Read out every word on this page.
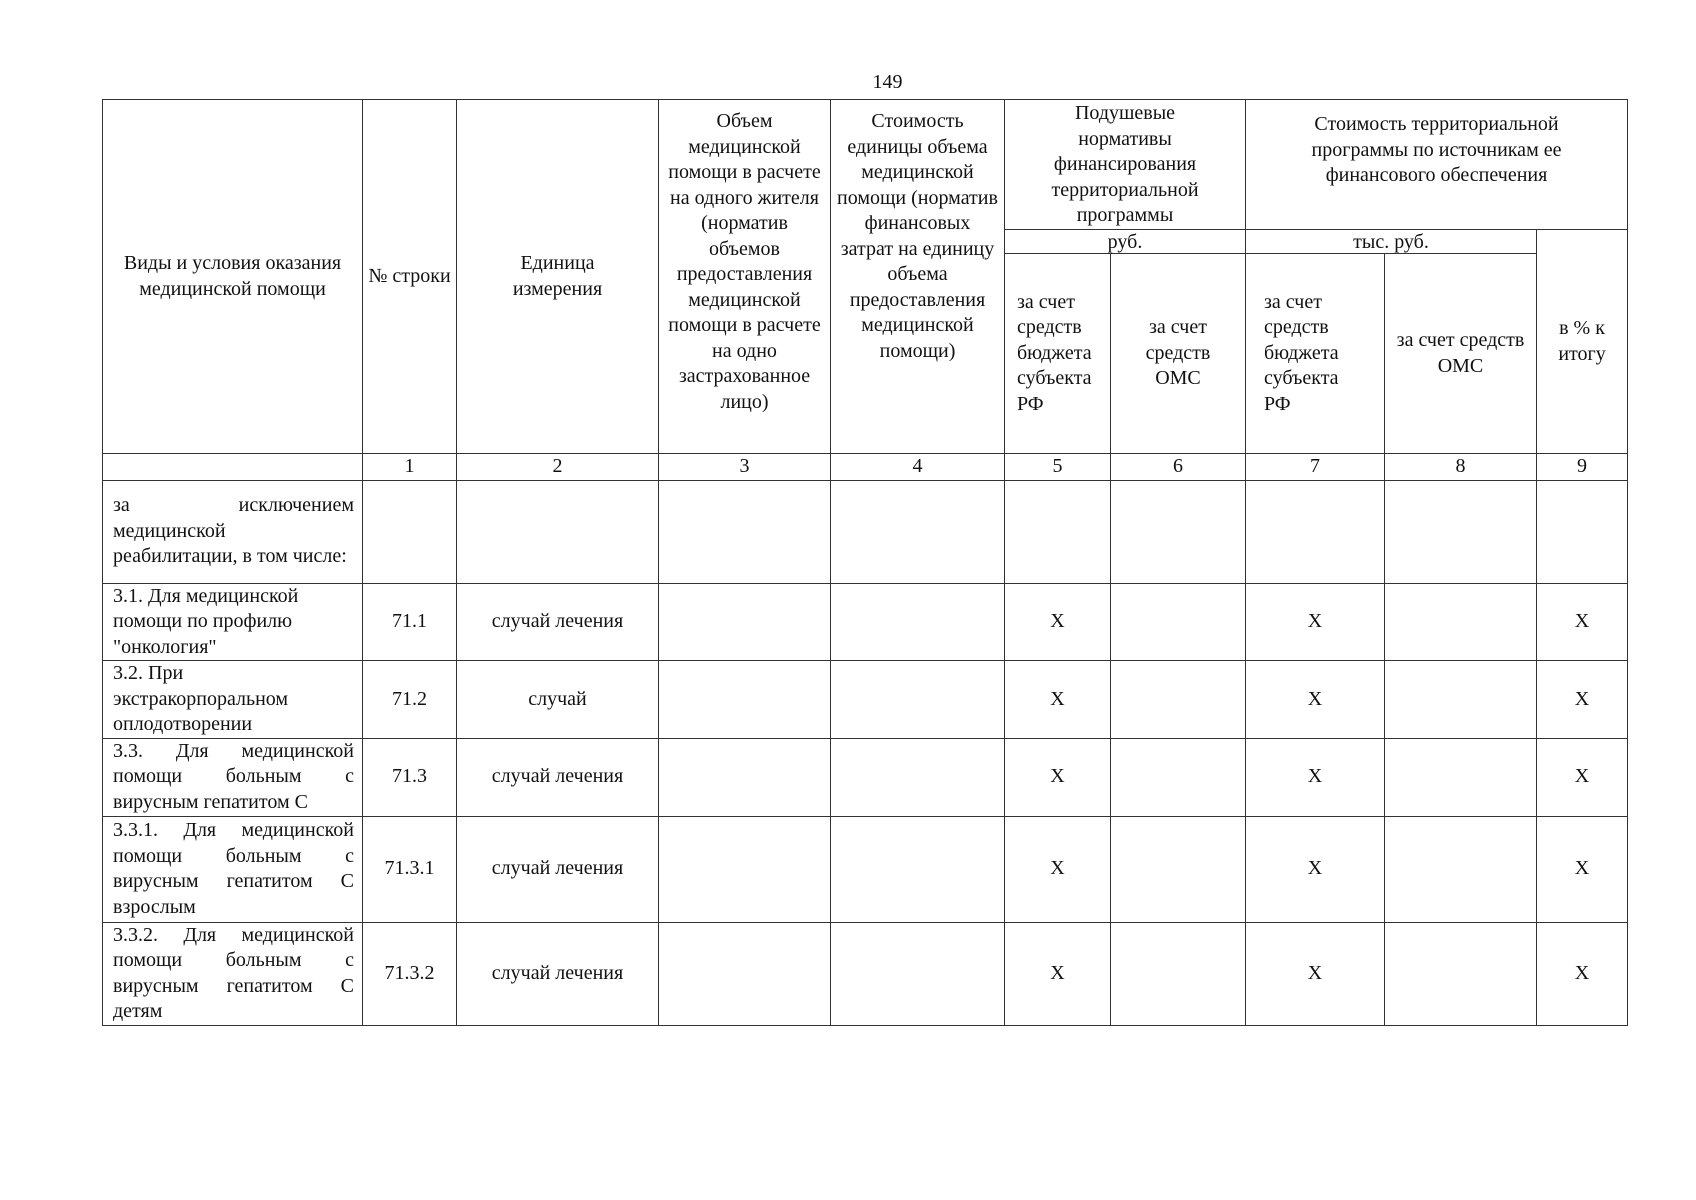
149
Виды и условия оказания медицинской помощи	№ строки	Единица измерения	Объем медицинской помощи в расчете на одного жителя (норматив объемов предоставления медицинской помощи в расчете на одно застрахованное лицо)	Стоимость единицы объема медицинской помощи (норматив финансовых затрат на единицу объема предоставления медицинской помощи)	Подушевые нормативы финансирования территориальной программы		Стоимость территориальной программы по источникам ее финансового обеспечения		
					руб.		тыс. руб.		в % к итогу
					за счет средств бюджета субъекта РФ	за счет средств ОМС	за счет средств бюджета субъекта РФ	за счет средств ОМС	
	1	2	3	4	5	6	7	8	9
за исключением медицинской реабилитации, в том числе:									
3.1. Для медицинской помощи по профилю "онкология"	71.1	случай лечения			Х		Х		Х
3.2. При экстракорпоральном оплодотворении	71.2	случай			Х		Х		Х
3.3. Для медицинской помощи больным с вирусным гепатитом С	71.3	случай лечения			Х		Х		Х
3.3.1. Для медицинской помощи больным с вирусным гепатитом С взрослым	71.3.1	случай лечения			Х		Х		Х
3.3.2. Для медицинской помощи больным с вирусным гепатитом С детям	71.3.2	случай лечения			Х		Х		Х
